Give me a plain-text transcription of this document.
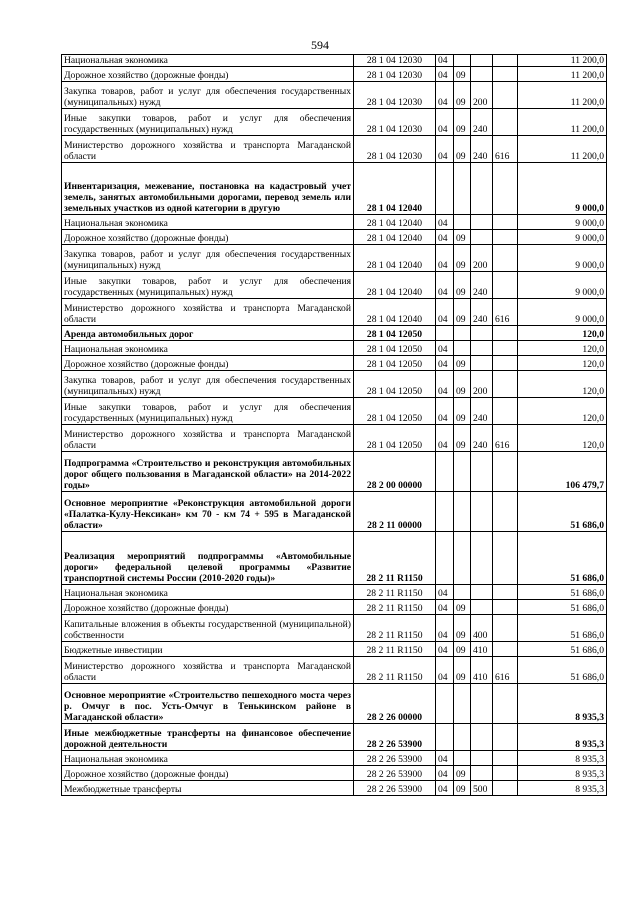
594
Национальная экономика	28 1 04 12030	04				11 200,0
Дорожное хозяйство (дорожные фонды)	28 1 04 12030	04	09			11 200,0
Закупка товаров, работ и услуг для обеспечения государственных (муниципальных) нужд	28 1 04 12030	04	09	200		11 200,0
Иные закупки товаров, работ и услуг для обеспечения государственных (муниципальных) нужд	28 1 04 12030	04	09	240		11 200,0
Министерство дорожного хозяйства и транспорта Магаданской области	28 1 04 12030	04	09	240	616	11 200,0
Инвентаризация, межевание, постановка на кадастровый учет земель, занятых автомобильными дорогами, перевод земель или земельных участков из одной категории в другую	28 1 04 12040					9 000,0
Национальная экономика	28 1 04 12040	04				9 000,0
Дорожное хозяйство (дорожные фонды)	28 1 04 12040	04	09			9 000,0
Закупка товаров, работ и услуг для обеспечения государственных (муниципальных) нужд	28 1 04 12040	04	09	200		9 000,0
Иные закупки товаров, работ и услуг для обеспечения государственных (муниципальных) нужд	28 1 04 12040	04	09	240		9 000,0
Министерство дорожного хозяйства и транспорта Магаданской области	28 1 04 12040	04	09	240	616	9 000,0
Аренда автомобильных дорог	28 1 04 12050					120,0
Национальная экономика	28 1 04 12050	04				120,0
Дорожное хозяйство (дорожные фонды)	28 1 04 12050	04	09			120,0
Закупка товаров, работ и услуг для обеспечения государственных (муниципальных) нужд	28 1 04 12050	04	09	200		120,0
Иные закупки товаров, работ и услуг для обеспечения государственных (муниципальных) нужд	28 1 04 12050	04	09	240		120,0
Министерство дорожного хозяйства и транспорта Магаданской области	28 1 04 12050	04	09	240	616	120,0
Подпрограмма «Строительство и реконструкция автомобильных дорог общего пользования в Магаданской области» на 2014-2022 годы»	28 2 00 00000					106 479,7
Основное мероприятие «Реконструкция автомобильной дороги «Палатка-Кулу-Нексикан» км 70 - км 74 + 595 в Магаданской области»	28 2 11 00000					51 686,0
Реализация мероприятий подпрограммы «Автомобильные дороги» федеральной целевой программы «Развитие транспортной системы России (2010-2020 годы)»	28 2 11 R1150					51 686,0
Национальная экономика	28 2 11 R1150	04				51 686,0
Дорожное хозяйство (дорожные фонды)	28 2 11 R1150	04	09			51 686,0
Капитальные вложения в объекты государственной (муниципальной) собственности	28 2 11 R1150	04	09	400		51 686,0
Бюджетные инвестиции	28 2 11 R1150	04	09	410		51 686,0
Министерство дорожного хозяйства и транспорта Магаданской области	28 2 11 R1150	04	09	410	616	51 686,0
Основное мероприятие «Строительство пешеходного моста через р. Омчуг в пос. Усть-Омчуг в Тенькинском районе в Магаданской области»	28 2 26 00000					8 935,3
Иные межбюджетные трансферты на финансовое обеспечение дорожной деятельности	28 2 26 53900					8 935,3
Национальная экономика	28 2 26 53900	04				8 935,3
Дорожное хозяйство (дорожные фонды)	28 2 26 53900	04	09			8 935,3
Межбюджетные трансферты	28 2 26 53900	04	09	500		8 935,3
